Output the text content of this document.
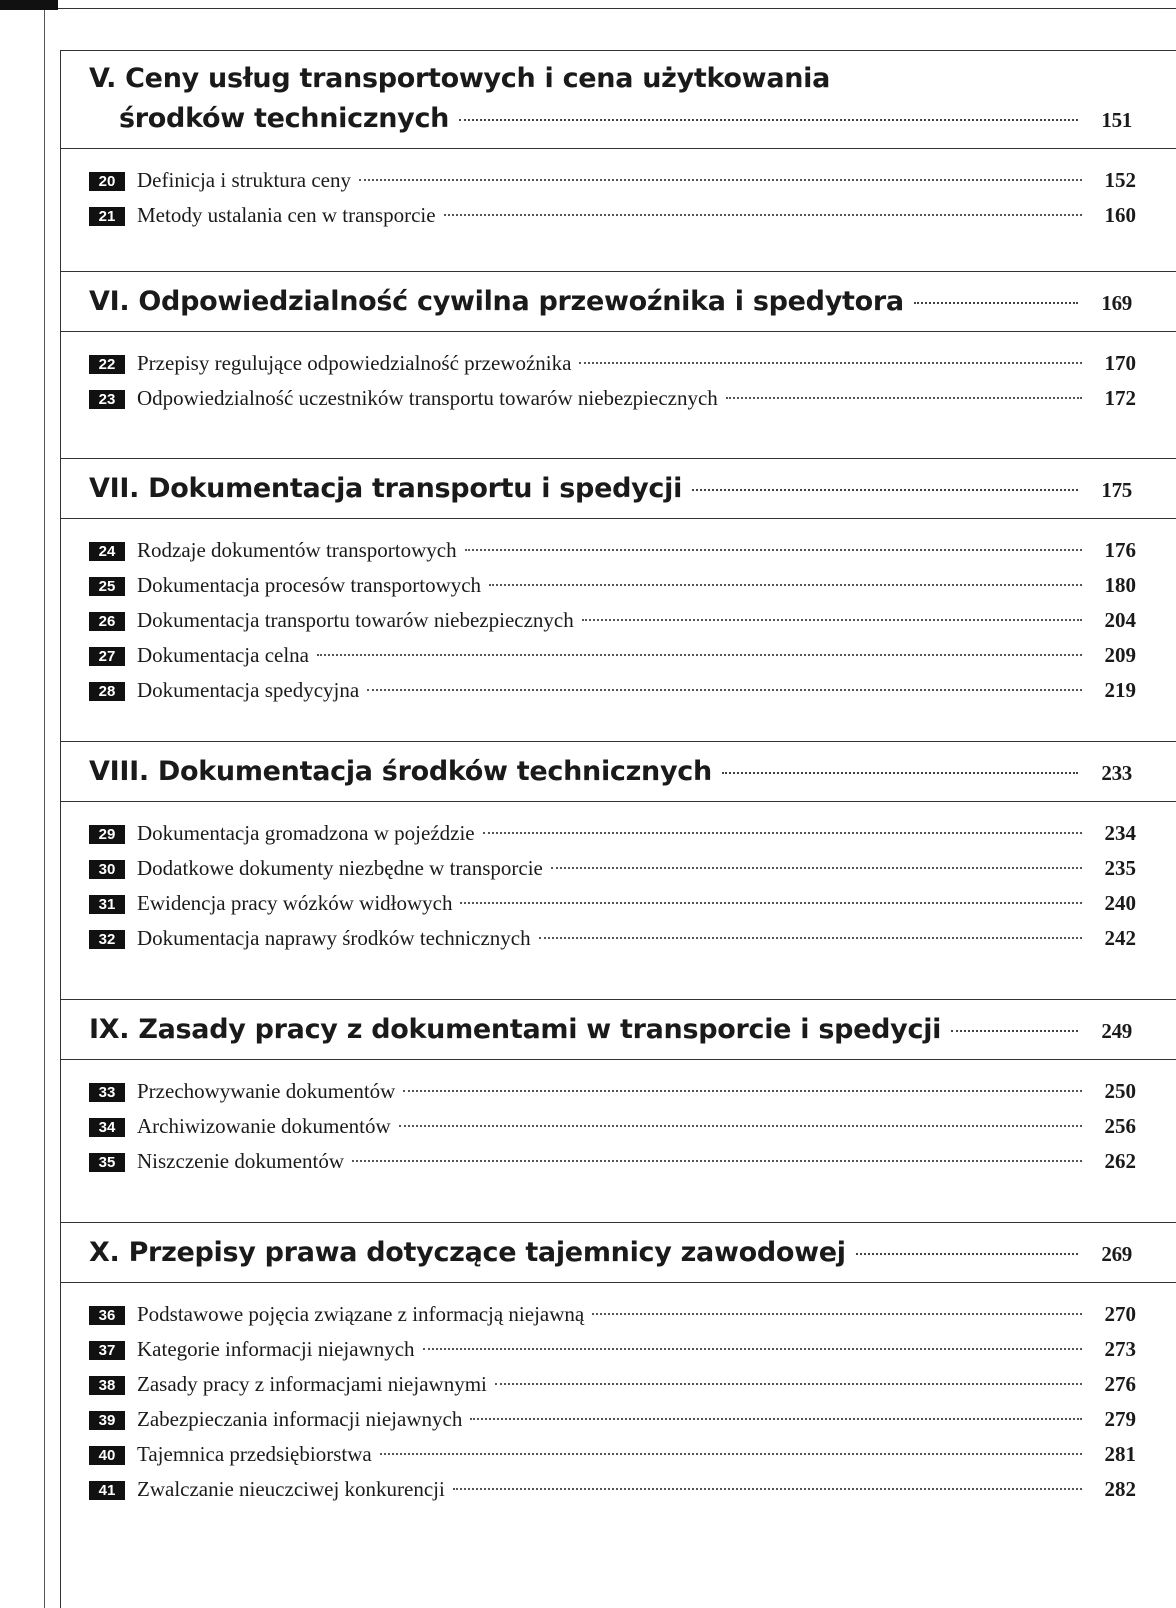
V. Ceny usług transportowych i cena użytkowania
środków technicznych	151
20	Definicja i struktura ceny	152
21	Metody ustalania cen w transporcie	160
VI. Odpowiedzialność cywilna przewoźnika i spedytora	169
22	Przepisy regulujące odpowiedzialność przewoźnika	170
23	Odpowiedzialność uczestników transportu towarów niebezpiecznych	172
VII. Dokumentacja transportu i spedycji	175
24	Rodzaje dokumentów transportowych	176
25	Dokumentacja procesów transportowych	180
26	Dokumentacja transportu towarów niebezpiecznych	204
27	Dokumentacja celna	209
28	Dokumentacja spedycyjna	219
VIII. Dokumentacja środków technicznych	233
29	Dokumentacja gromadzona w pojeździe	234
30	Dodatkowe dokumenty niezbędne w transporcie	235
31	Ewidencja pracy wózków widłowych	240
32	Dokumentacja naprawy środków technicznych	242
IX. Zasady pracy z dokumentami w transporcie i spedycji	249
33	Przechowywanie dokumentów	250
34	Archiwizowanie dokumentów	256
35	Niszczenie dokumentów	262
X. Przepisy prawa dotyczące tajemnicy zawodowej	269
36	Podstawowe pojęcia związane z informacją niejawną	270
37	Kategorie informacji niejawnych	273
38	Zasady pracy z informacjami niejawnymi	276
39	Zabezpieczania informacji niejawnych	279
40	Tajemnica przedsiębiorstwa	281
41	Zwalczanie nieuczciwej konkurencji	282
